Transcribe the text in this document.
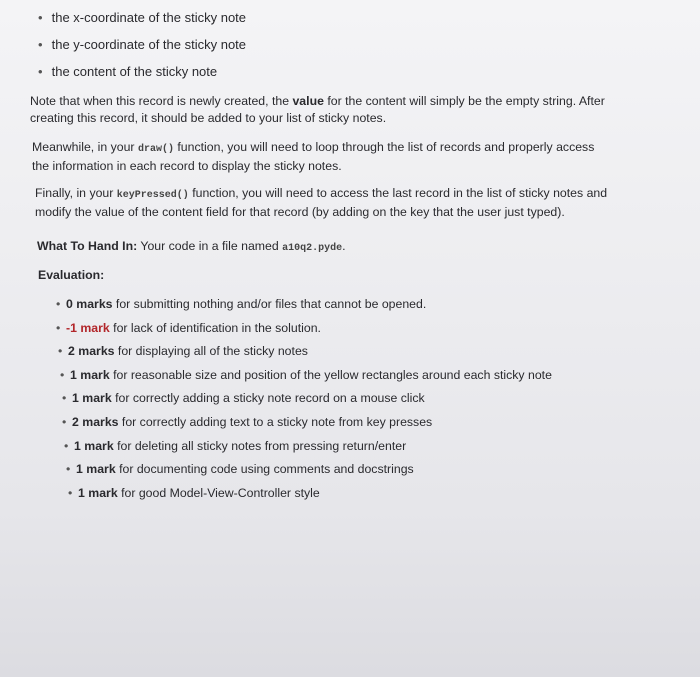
• the x-coordinate of the sticky note
• the y-coordinate of the sticky note
• the content of the sticky note

Note that when this record is newly created, the value for the content will simply be the empty string. After
creating this record, it should be added to your list of sticky notes.

Meanwhile, in your draw() function, you will need to loop through the list of records and properly access
the information in each record to display the sticky notes.

Finally, in your keyPressed() function, you will need to access the last record in the list of sticky notes and
modify the value of the content field for that record (by adding on the key that the user just typed).

What To Hand In: Your code in a file named a10q2.pyde.
Evaluation:
• 0 marks for submitting nothing and/or files that cannot be opened.
• -1 mark for lack of identification in the solution.
• 2 marks for displaying all of the sticky notes
• 1 mark for reasonable size and position of the yellow rectangles around each sticky note
• 1 mark for correctly adding a sticky note record on a mouse click
• 2 marks for correctly adding text to a sticky note from key presses
• 1 mark for deleting all sticky notes from pressing return/enter
• 1 mark for documenting code using comments and docstrings
• 1 mark for good Model-View-Controller style
